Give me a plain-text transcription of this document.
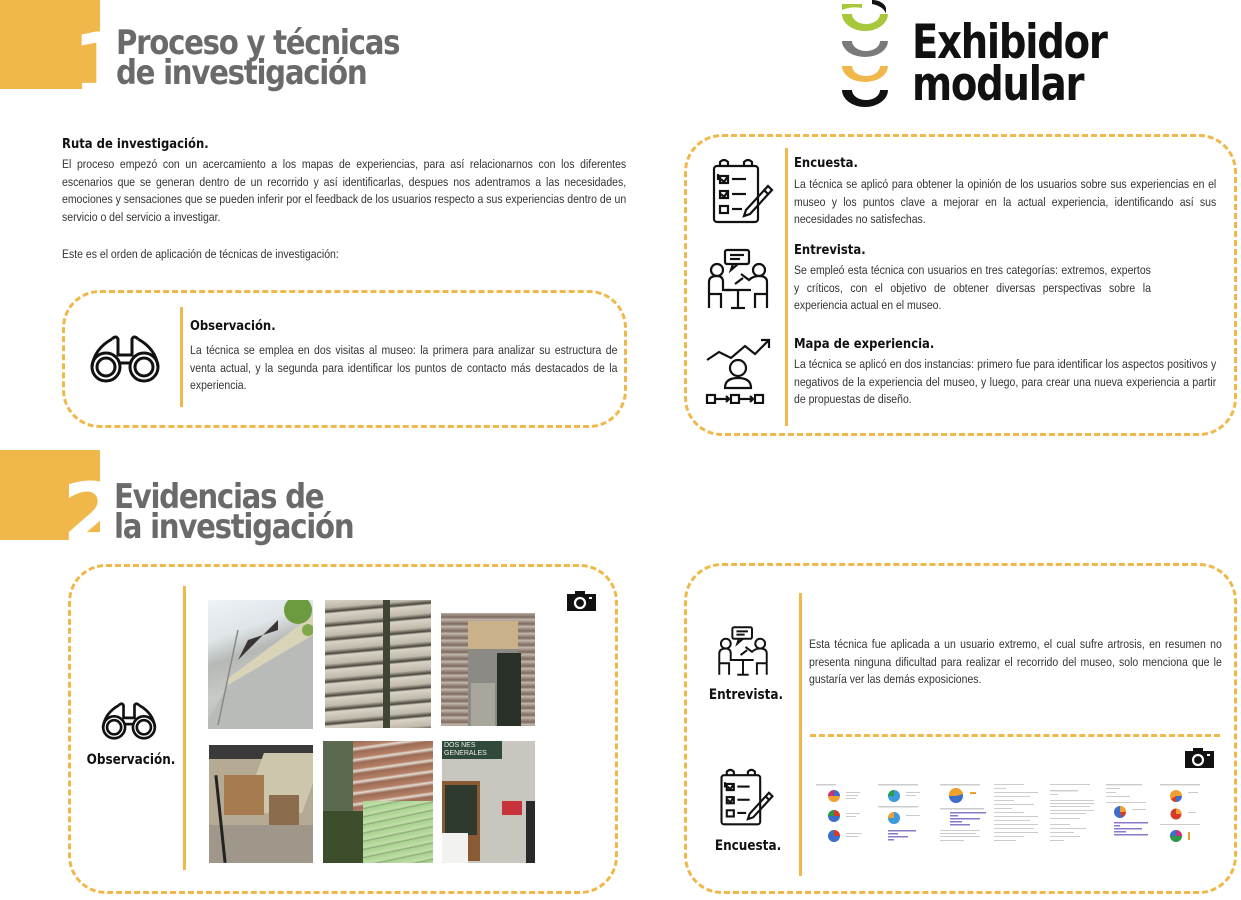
1
Proceso y técnicas
de investigación
Exhibidor
modular
Ruta de investigación.
El proceso empezó con un acercamiento a los mapas de experiencias, para así relacionarnos con los diferentes escenarios que se generan dentro de un recorrido y así identificarlas, despues nos adentramos a las necesidades, emociones y sensaciones que se pueden inferir por el feedback de los usuarios respecto a sus experiencias dentro de un servicio o del servicio a investigar.
Este es el orden de aplicación de técnicas de investigación:
Observación.
La técnica se emplea en dos visitas al museo: la primera para analizar su estructura de venta actual, y la segunda para identificar los puntos de contacto más destacados de la experiencia.
Encuesta.
La técnica se aplicó para obtener la opinión de los usuarios sobre sus experiencias en el museo y los puntos clave a mejorar en la actual experiencia, identificando así sus necesidades no satisfechas.
Entrevista.
Se empleó esta técnica con usuarios en tres categorías: extremos, expertos y críticos, con el objetivo de obtener diversas perspectivas sobre la experiencia actual en el museo.
Mapa de experiencia.
La técnica se aplicó en dos instancias: primero fue para identificar los aspectos positivos y negativos de la experiencia del museo, y luego, para crear una nueva experiencia a partir de propuestas de diseño.
2
Evidencias de
la investigación
Observación.
DOS NES GENERALES
Entrevista.
Esta técnica fue aplicada a un usuario extremo, el cual sufre artrosis, en resumen no presenta ninguna dificultad para realizar el recorrido del museo, solo menciona que le gustaría ver las demás exposiciones.
Encuesta.
